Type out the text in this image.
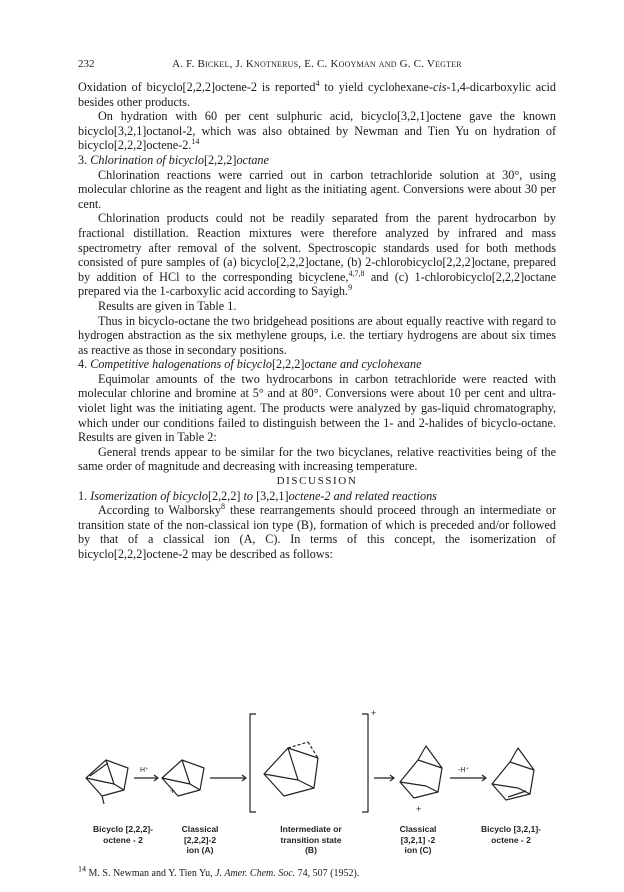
232	A. F. Bickel, J. Knotnerus, E. C. Kooyman and G. C. Vegter

Oxidation of bicyclo[2,2,2]octene-2 is reported$^4$ to yield cyclohexane-cis-1,4-dicarboxylic acid besides other products.

On hydration with 60 per cent sulphuric acid, bicyclo[3,2,1]octene gave the known bicyclo[3,2,1]octanol-2, which was also obtained by Newman and Tien Yu on hydration of bicyclo[2,2,2]octene-2.14

3. Chlorination of bicyclo[2,2,2]octane

Chlorination reactions were carried out in carbon tetrachloride solution at 30°, using molecular chlorine as the reagent and light as the initiating agent. Conversions were about 30 per cent.

Chlorination products could not be readily separated from the parent hydrocarbon by fractional distillation. Reaction mixtures were therefore analyzed by infrared and mass spectrometry after removal of the solvent. Spectroscopic standards used for both methods consisted of pure samples of (a) bicyclo[2,2,2]octane, (b) 2-chlorobicyclo[2,2,2]octane, prepared by addition of HCl to the corresponding bicyclene,$^{4,7,8}$ and (c) 1-chlorobicyclo[2,2,2]octane prepared via the 1-carboxylic acid according to Sayigh.$^9$

Results are given in Table 1.

Thus in bicyclo-octane the two bridgehead positions are about equally reactive with regard to hydrogen abstraction as the six methylene groups, i.e. the tertiary hydrogens are about six times as reactive as those in secondary positions.

4. Competitive halogenations of bicyclo[2,2,2]octane and cyclohexane

Equimolar amounts of the two hydrocarbons in carbon tetrachloride were reacted with molecular chlorine and bromine at 5° and at 80°. Conversions were about 10 per cent and ultra-violet light was the initiating agent. The products were analyzed by gas-liquid chromatography, which under our conditions failed to distinguish between the 1- and 2-halides of bicyclo-octane. Results are given in Table 2:

General trends appear to be similar for the two bicyclanes, relative reactivities being of the same order of magnitude and decreasing with increasing temperature.

DISCUSSION

1. Isomerization of bicyclo[2,2,2] to [3,2,1]octene-2 and related reactions

According to Walborsky$^8$ these rearrangements should proceed through an intermediate or transition state of the non-classical ion type (B), formation of which is preceded and/or followed by that of a classical ion (A, C). In terms of this concept, the isomerization of bicyclo[2,2,2]octene-2 may be described as follows:

H⁺
+
+
+
-H⁺
Bicyclo [2,2,2]-
octene - 2
Classical
[2,2,2]-2
ion (A)
Intermediate or
transition state
(B)
Classical
[3,2,1] -2
ion (C)
Bicyclo [3,2,1]-
octene - 2
$^{14}$ M. S. Newman and Y. Tien Yu, J. Amer. Chem. Soc. 74, 507 (1952).
